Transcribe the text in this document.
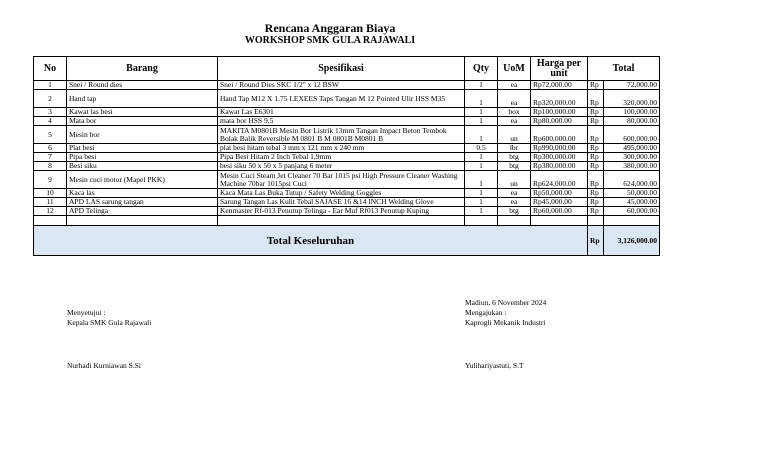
Rencana Anggaran Biaya
WORKSHOP SMK GULA RAJAWALI
No	Barang	Spesifikasi	Qty	UoM	Harga per unit	Total	
1	Snei / Round dies	Snei / Round Dies SKC 1/2" x 12 BSW	1	ea	Rp72,000.00	Rp	72,000.00
2	Hand tap	Hand Tap M12 X 1.75 LEXEES Taps Tangan M 12 Pointed Ulir HSS M35	1	ea	Rp320,000.00	Rp	320,000.00
3	Kawat las besi	Kawat Las E6301	1	box	Rp100,000.00	Rp	100,000.00
4	Mata bor	mata bor HSS 9,5	1	ea	Rp80,000.00	Rp	80,000.00
5	Mesin bor	MAKITA M0801B Mesin Bor Listrik 13mm Tangan Impact Beton Tembok Bolak Balik Reversible M 0801 B M 0801B M0801 B	1	un	Rp600,000.00	Rp	600,000.00
6	Plat besi	plat besi hitam tebal 3 mm x 121 mm x 240 mm	0.5	lbr	Rp990,000.00	Rp	495,000.00
7	Pipa besi	Pipa Besi Hitam 2 Inch Tebal 1,9mm	1	btg	Rp300,000.00	Rp	300,000.00
8	Besi siku	besi siku 50 x 50 x 5 panjang 6 meter	1	btg	Rp380,000.00	Rp	380,000.00
9	Mesin cuci motor (Mapel PKK)	Mesin Cuci Steam Jet Cleaner 70 Bar 1015 psi High Pressure Cleaner Washing Machine 70bar 1015psi Cuci	1	un	Rp624,000.00	Rp	624,000.00
10	Kaca las	Kaca Mata Las Buka Tutup / Safety Welding Goggles	1	ea	Rp50,000.00	Rp	50,000.00
11	APD LAS sarung tangan	Sarung Tangan Las Kulit Tebal SAJASE 16 &14 INCH Welding Glove	1	ea	Rp45,000.00	Rp	45,000.00
12	APD Telinga	Kenmaster Rf-013 Penutup Telinga - Ear Muf Rf013 Penutup Kuping	1	btg	Rp60,000.00	Rp	60,000.00

Total Keseluruhan						Rp	3,126,000.00
Menyetujui :
Kepala SMK Gula Rajawali
Nurhadi Kurniawan S.Si
Madiun, 6 November 2024
Mengajukan :
Kaprogli Mekanik Industri
Yulihariyastuti, S.T
